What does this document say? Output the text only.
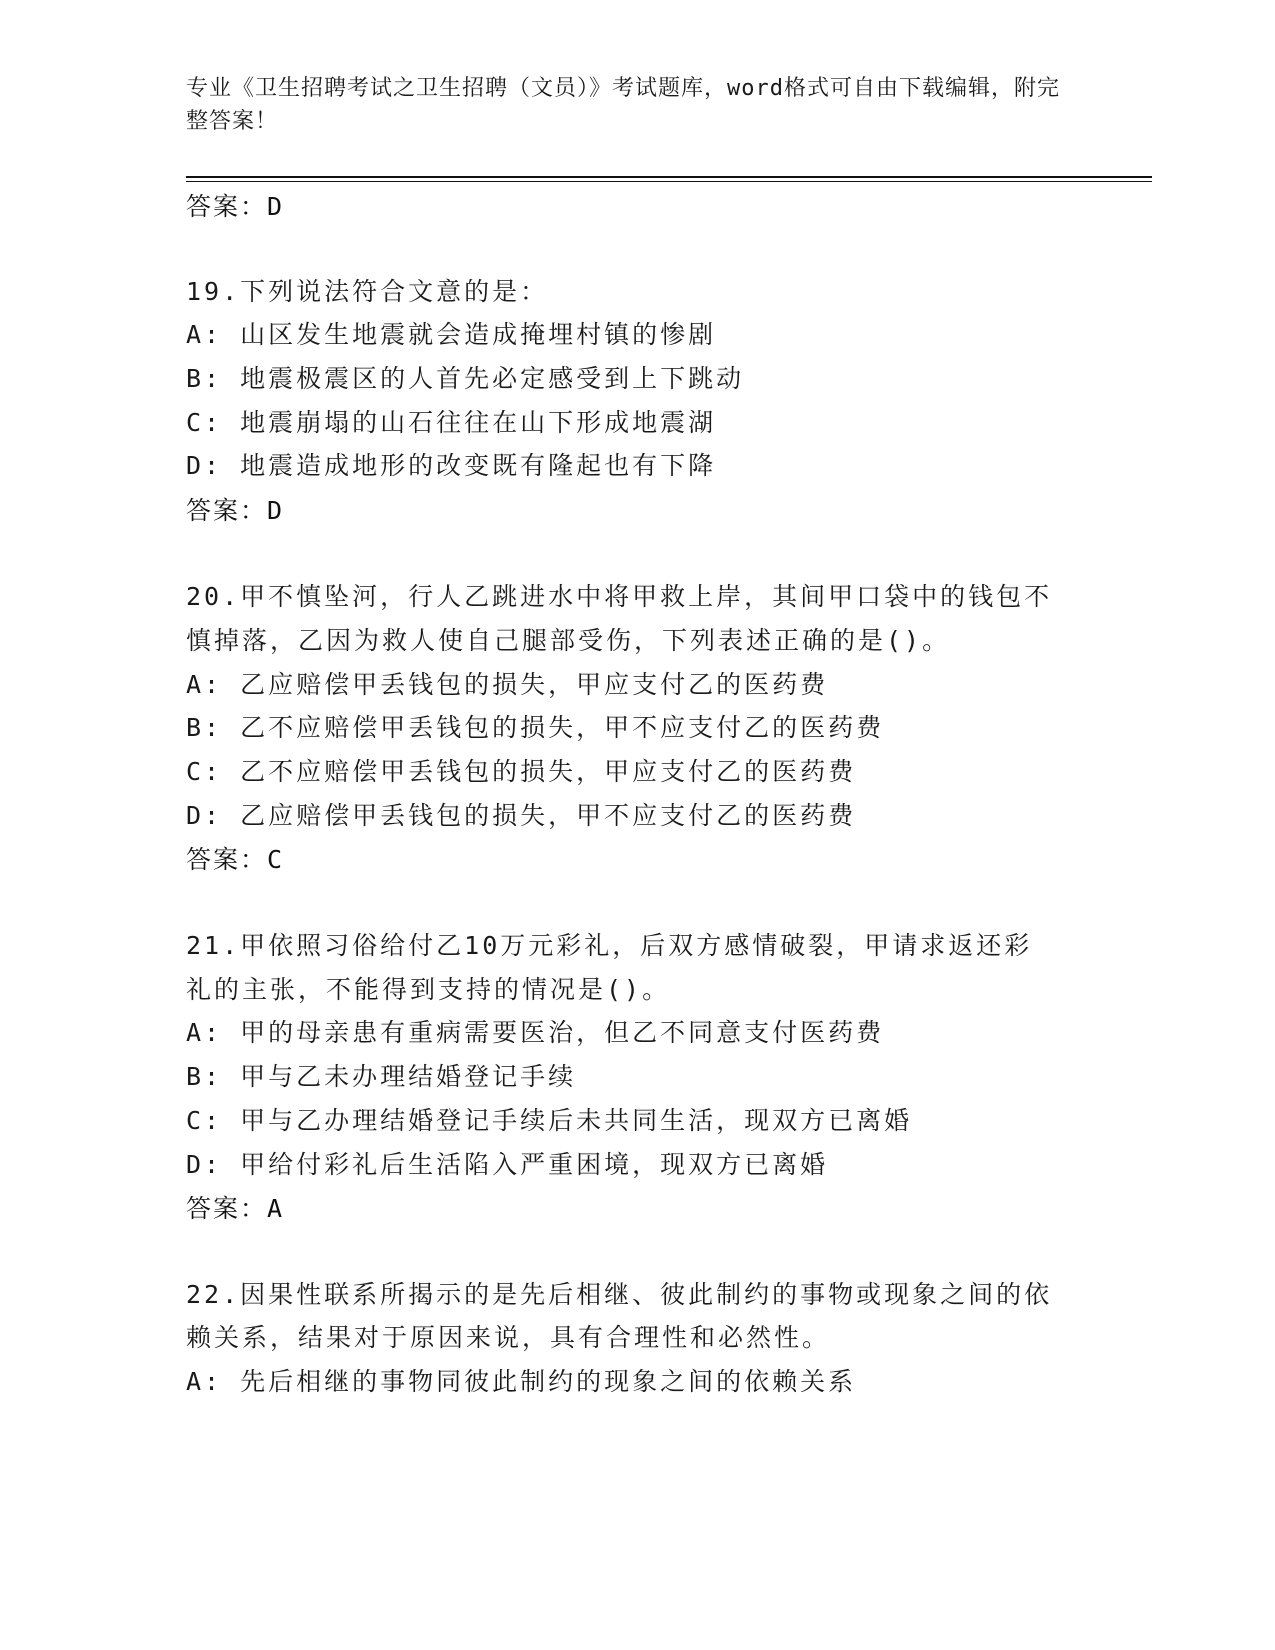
专业《卫生招聘考试之卫生招聘（文员）》考试题库，word格式可自由下载编辑，附完整答案！
答案：D
19.下列说法符合文意的是：
A: 山区发生地震就会造成掩埋村镇的惨剧
B: 地震极震区的人首先必定感受到上下跳动
C: 地震崩塌的山石往往在山下形成地震湖
D: 地震造成地形的改变既有隆起也有下降
答案：D
20.甲不慎坠河，行人乙跳进水中将甲救上岸，其间甲口袋中的钱包不
慎掉落，乙因为救人使自己腿部受伤，下列表述正确的是()。
A: 乙应赔偿甲丢钱包的损失，甲应支付乙的医药费
B: 乙不应赔偿甲丢钱包的损失，甲不应支付乙的医药费
C: 乙不应赔偿甲丢钱包的损失，甲应支付乙的医药费
D: 乙应赔偿甲丢钱包的损失，甲不应支付乙的医药费
答案：C
21.甲依照习俗给付乙10万元彩礼，后双方感情破裂，甲请求返还彩
礼的主张，不能得到支持的情况是()。
A: 甲的母亲患有重病需要医治，但乙不同意支付医药费
B: 甲与乙未办理结婚登记手续
C: 甲与乙办理结婚登记手续后未共同生活，现双方已离婚
D: 甲给付彩礼后生活陷入严重困境，现双方已离婚
答案：A
22.因果性联系所揭示的是先后相继、彼此制约的事物或现象之间的依
赖关系，结果对于原因来说，具有合理性和必然性。
A: 先后相继的事物同彼此制约的现象之间的依赖关系
